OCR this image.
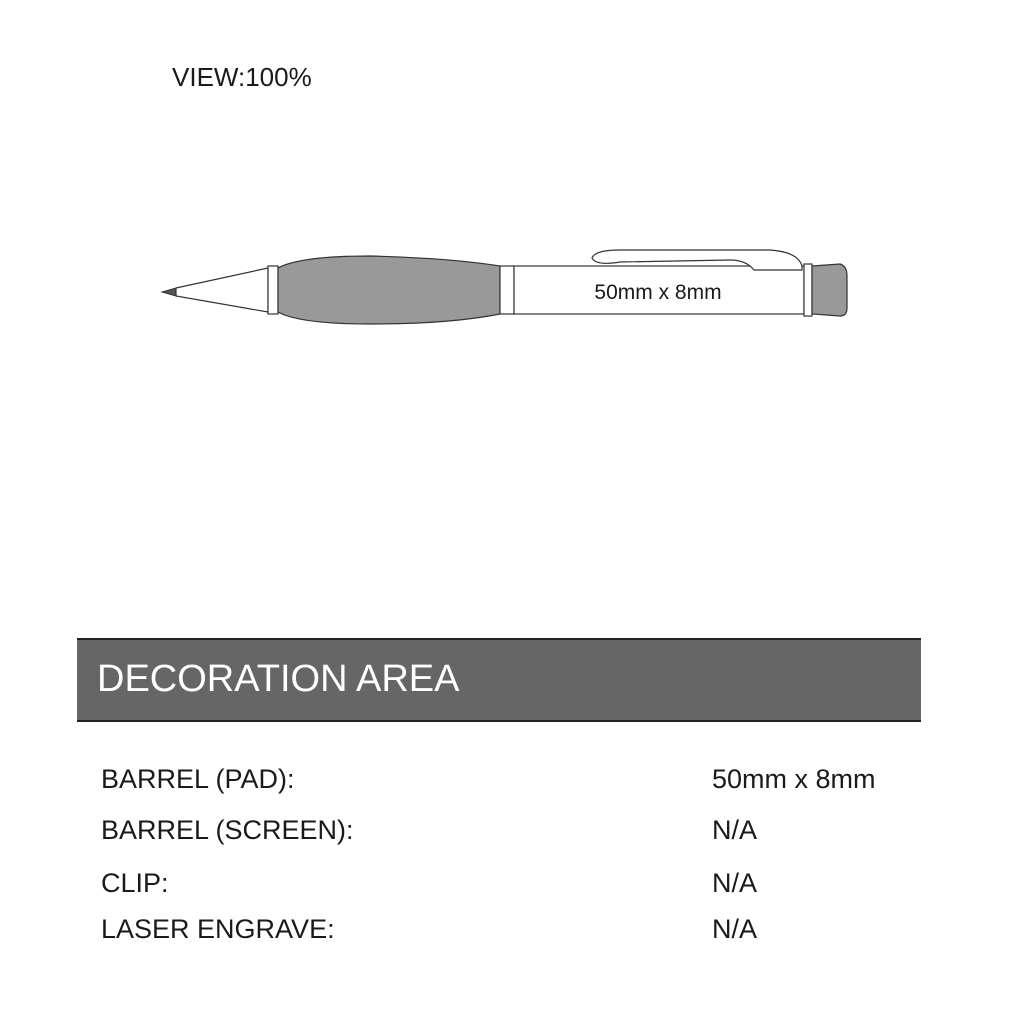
VIEW:100%
50mm x 8mm
DECORATION AREA
BARREL (PAD):	50mm x 8mm
BARREL (SCREEN):	N/A
CLIP:	N/A
LASER ENGRAVE:	N/A
